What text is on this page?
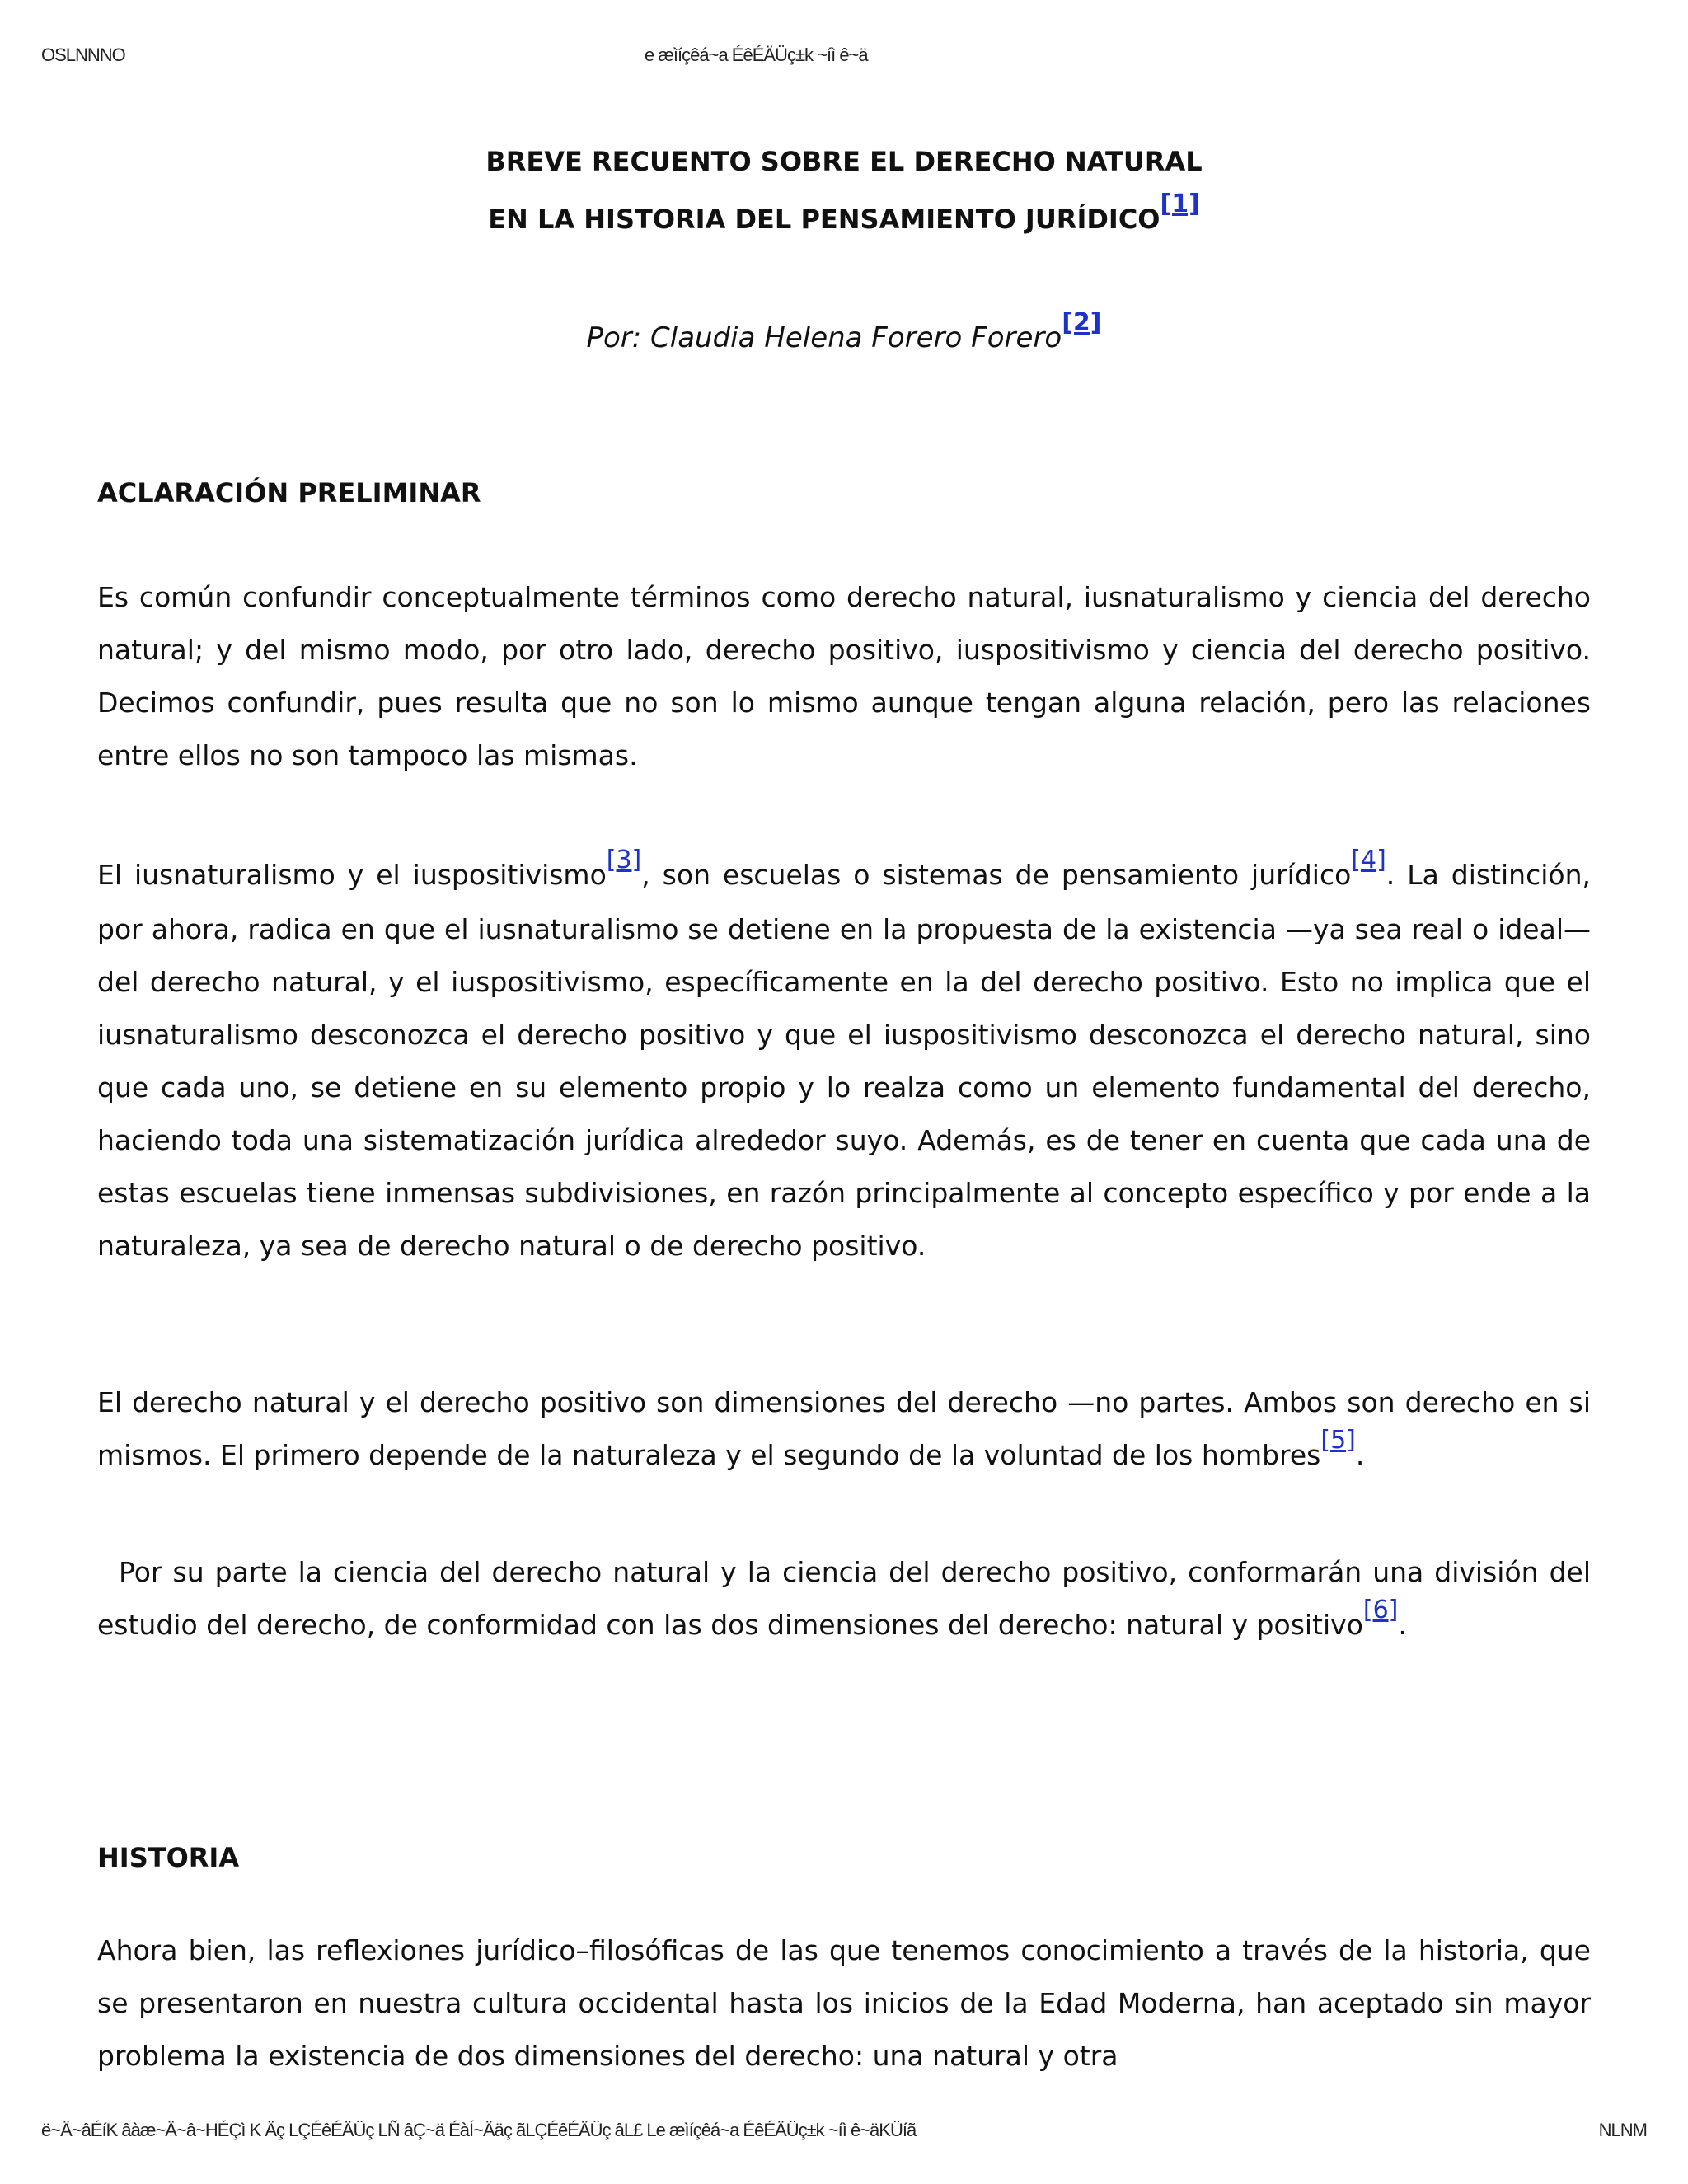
OSLNNNO	e æìíçêá~a ÉêÉÄÜç±k ~íì ê~ä
BREVE RECUENTO SOBRE EL DERECHO NATURAL
EN LA HISTORIA DEL PENSAMIENTO JURÍDICO[1]
Por: Claudia Helena Forero Forero[2]
ACLARACIÓN PRELIMINAR
Es común confundir conceptualmente términos como derecho natural, iusnaturalismo y ciencia del derecho natural; y del mismo modo, por otro lado, derecho positivo, iuspositivismo y ciencia del derecho positivo. Decimos confundir, pues resulta que no son lo mismo aunque tengan alguna relación, pero las relaciones entre ellos no son tampoco las mismas.
El iusnaturalismo y el iuspositivismo[3], son escuelas o sistemas de pensamiento jurídico[4]. La distinción, por ahora, radica en que el iusnaturalismo se detiene en la propuesta de la existencia —ya sea real o ideal— del derecho natural, y el iuspositivismo, específicamente en la del derecho positivo. Esto no implica que el iusnaturalismo desconozca el derecho positivo y que el iuspositivismo desconozca el derecho natural, sino que cada uno, se detiene en su elemento propio y lo realza como un elemento fundamental del derecho, haciendo toda una sistematización jurídica alrededor suyo. Además, es de tener en cuenta que cada una de estas escuelas tiene inmensas subdivisiones, en razón principalmente al concepto específico y por ende a la naturaleza, ya sea de derecho natural o de derecho positivo.
El derecho natural y el derecho positivo son dimensiones del derecho —no partes. Ambos son derecho en si mismos. El primero depende de la naturaleza y el segundo de la voluntad de los hombres[5].
Por su parte la ciencia del derecho natural y la ciencia del derecho positivo, conformarán una división del estudio del derecho, de conformidad con las dos dimensiones del derecho: natural y positivo[6].
HISTORIA
Ahora bien, las reflexiones jurídico–filosóficas de las que tenemos conocimiento a través de la historia, que se presentaron en nuestra cultura occidental hasta los inicios de la Edad Moderna, han aceptado sin mayor problema la existencia de dos dimensiones del derecho: una natural y otra
ë~Ä~âÉíK âàæ~Ä~â~HÉÇì K Äç LÇÉêÉÄÜç LÑ âÇ~ä ÉàÍ~Ääç ãLÇÉêÉÄÜç âL£ Le æìíçêá~a ÉêÉÄÜç±k ~íì ê~äKÜíã	NLNM
